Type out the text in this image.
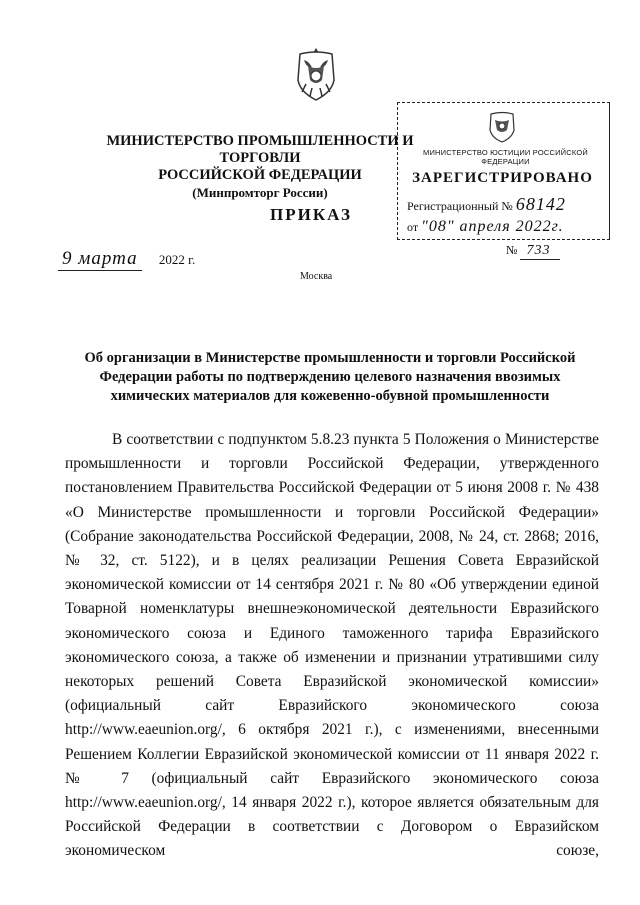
МИНИСТЕРСТВО ПРОМЫШЛЕННОСТИ И ТОРГОВЛИ
РОССИЙСКОЙ ФЕДЕРАЦИИ
(Минпромторг России)
ПРИКАЗ
МИНИСТЕРСТВО ЮСТИЦИИ РОССИЙСКОЙ ФЕДЕРАЦИИ
ЗАРЕГИСТРИРОВАНО
Регистрационный № 68142
от "08" апреля 2022г.
9 марта 2022 г.
№ 733
Москва
Об организации в Министерстве промышленности и торговли Российской
Федерации работы по подтверждению целевого назначения ввозимых
химических материалов для кожевенно-обувной промышленности

В соответствии с подпунктом 5.8.23 пункта 5 Положения о Министерстве промышленности и торговли Российской Федерации, утвержденного постановлением Правительства Российской Федерации от 5 июня 2008 г. № 438 «О Министерстве промышленности и торговли Российской Федерации» (Собрание законодательства Российской Федерации, 2008, № 24, ст. 2868; 2016, № 32, ст. 5122), и в целях реализации Решения Совета Евразийской экономической комиссии от 14 сентября 2021 г. № 80 «Об утверждении единой Товарной номенклатуры внешнеэкономической деятельности Евразийского экономического союза и Единого таможенного тарифа Евразийского экономического союза, а также об изменении и признании утратившими силу некоторых решений Совета Евразийской экономической комиссии» (официальный сайт Евразийского экономического союза http://www.eaeunion.org/, 6 октября 2021 г.), с изменениями, внесенными Решением Коллегии Евразийской экономической комиссии от 11 января 2022 г. № 7 (официальный сайт Евразийского экономического союза http://www.eaeunion.org/, 14 января 2022 г.), которое является обязательным для Российской Федерации в соответствии с Договором о Евразийском экономическом союзе,
